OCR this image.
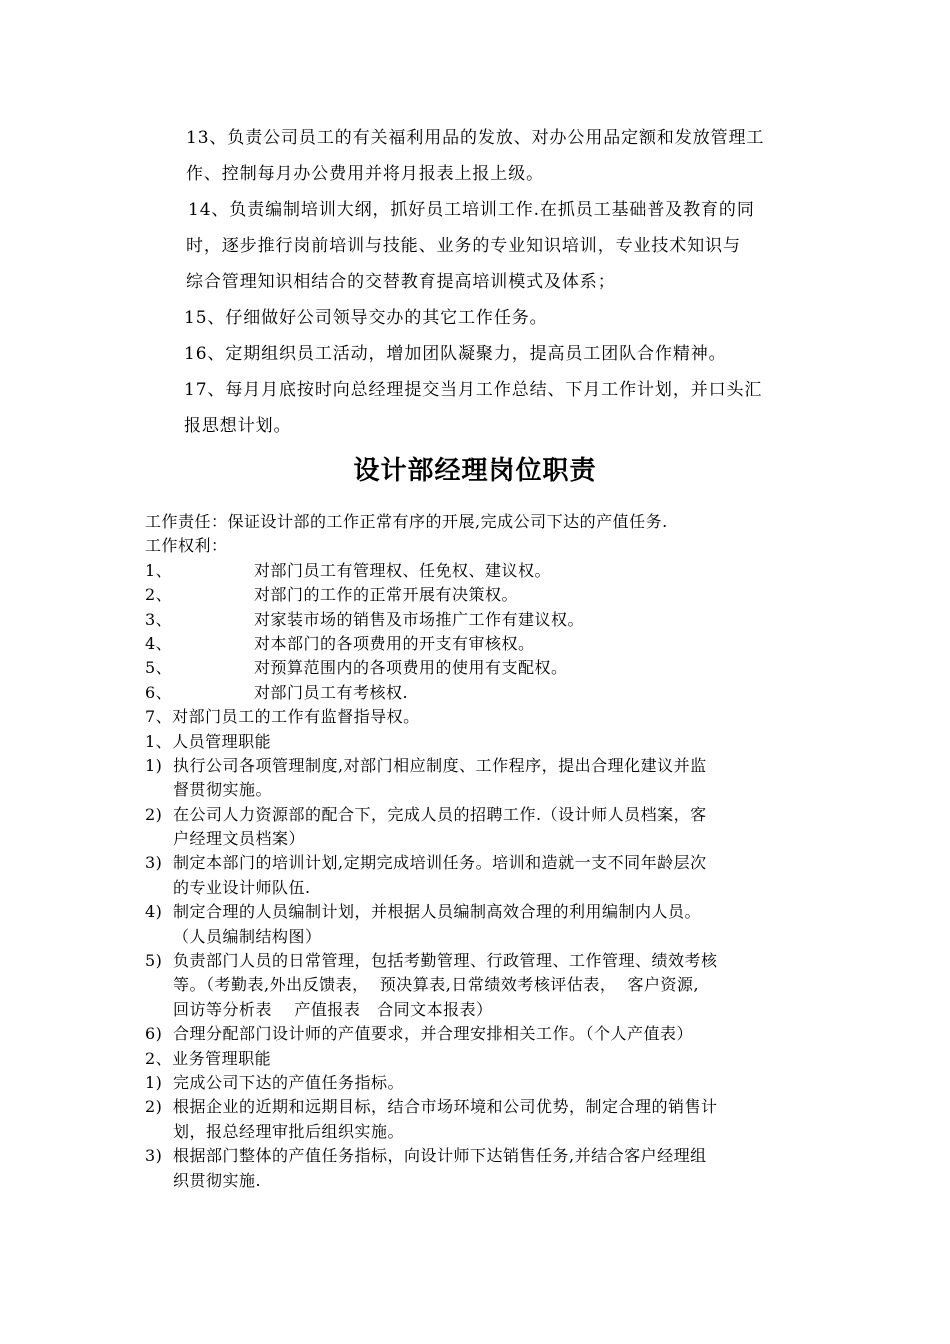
13、负责公司员工的有关福利用品的发放、对办公用品定额和发放管理工
作、控制每月办公费用并将月报表上报上级。
14、负责编制培训大纲，抓好员工培训工作.在抓员工基础普及教育的同
时，逐步推行岗前培训与技能、业务的专业知识培训，专业技术知识与
综合管理知识相结合的交替教育提高培训模式及体系；
15、仔细做好公司领导交办的其它工作任务。
16、定期组织员工活动，增加团队凝聚力，提高员工团队合作精神。
17、每月月底按时向总经理提交当月工作总结、下月工作计划，并口头汇
报思想计划。
设计部经理岗位职责
工作责任：保证设计部的工作正常有序的开展,完成公司下达的产值任务.
工作权利：
1、	对部门员工有管理权、任免权、建议权。
2、	对部门的工作的正常开展有决策权。
3、	对家装市场的销售及市场推广工作有建议权。
4、	对本部门的各项费用的开支有审核权。
5、	对预算范围内的各项费用的使用有支配权。
6、	对部门员工有考核权.
7、对部门员工的工作有监督指导权。
1、人员管理职能
1) 执行公司各项管理制度,对部门相应制度、工作程序，提出合理化建议并监
督贯彻实施。
2) 在公司人力资源部的配合下，完成人员的招聘工作.（设计师人员档案，客
户经理文员档案）
3) 制定本部门的培训计划,定期完成培训任务。培训和造就一支不同年龄层次
的专业设计师队伍.
4) 制定合理的人员编制计划，并根据人员编制高效合理的利用编制内人员。
（人员编制结构图）
5) 负责部门人员的日常管理，包括考勤管理、行政管理、工作管理、绩效考核
等。（考勤表,外出反馈表，  预决算表,日常绩效考核评估表，  客户资源,
回访等分析表    产值报表   合同文本报表）
6) 合理分配部门设计师的产值要求，并合理安排相关工作。（个人产值表）
2、业务管理职能
1) 完成公司下达的产值任务指标。
2) 根据企业的近期和远期目标，结合市场环境和公司优势，制定合理的销售计
划，报总经理审批后组织实施。
3) 根据部门整体的产值任务指标，向设计师下达销售任务,并结合客户经理组
织贯彻实施.
